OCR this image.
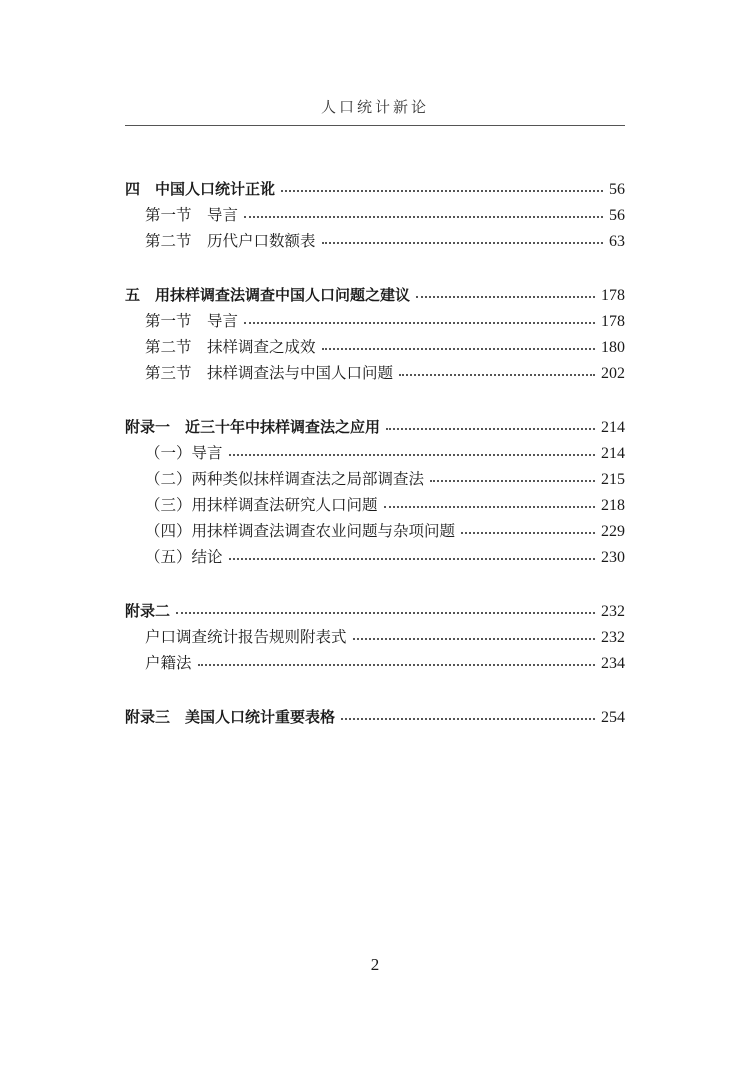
人口统计新论
四　中国人口统计正讹	56
第一节　导言	56
第二节　历代户口数额表	63
五　用抹样调查法调查中国人口问题之建议	178
第一节　导言	178
第二节　抹样调查之成效	180
第三节　抹样调查法与中国人口问题	202
附录一　近三十年中抹样调查法之应用	214
（一）导言	214
（二）两种类似抹样调查法之局部调查法	215
（三）用抹样调查法研究人口问题	218
（四）用抹样调查法调查农业问题与杂项问题	229
（五）结论	230
附录二	232
户口调查统计报告规则附表式	232
户籍法	234
附录三　美国人口统计重要表格	254
2
